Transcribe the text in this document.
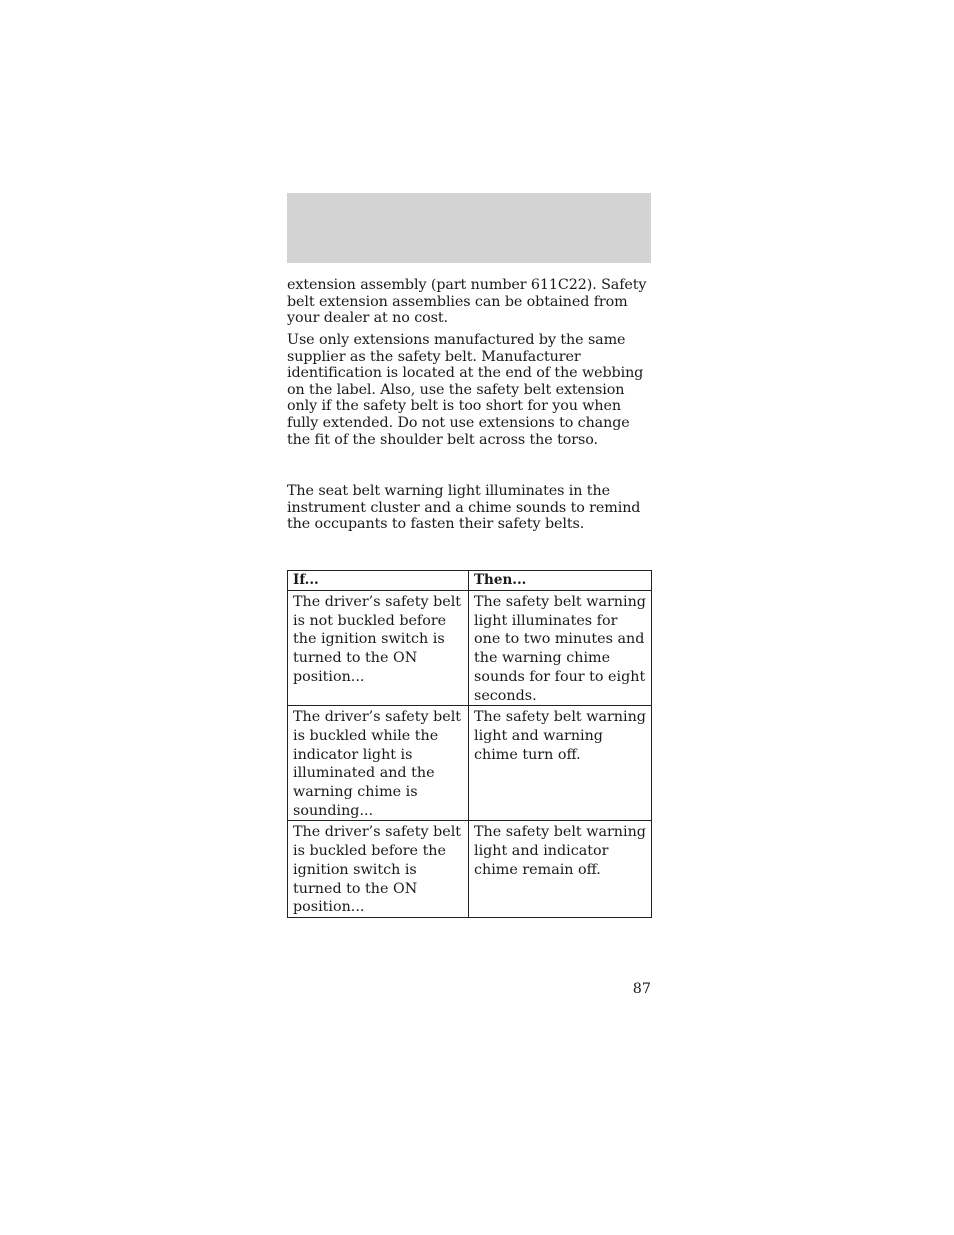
extension assembly (part number 611C22). Safety belt extension assemblies can be obtained from your dealer at no cost.

Use only extensions manufactured by the same supplier as the safety belt. Manufacturer identification is located at the end of the webbing on the label. Also, use the safety belt extension only if the safety belt is too short for you when fully extended. Do not use extensions to change the fit of the shoulder belt across the torso.

The seat belt warning light illuminates in the instrument cluster and a chime sounds to remind the occupants to fasten their safety belts.

If...	Then...
The driver’s safety belt is not buckled before the ignition switch is turned to the ON position...	The safety belt warning light illuminates for one to two minutes and the warning chime sounds for four to eight seconds.
The driver’s safety belt is buckled while the indicator light is illuminated and the warning chime is sounding...	The safety belt warning light and warning chime turn off.
The driver’s safety belt is buckled before the ignition switch is turned to the ON position...	The safety belt warning light and indicator chime remain off.
87
